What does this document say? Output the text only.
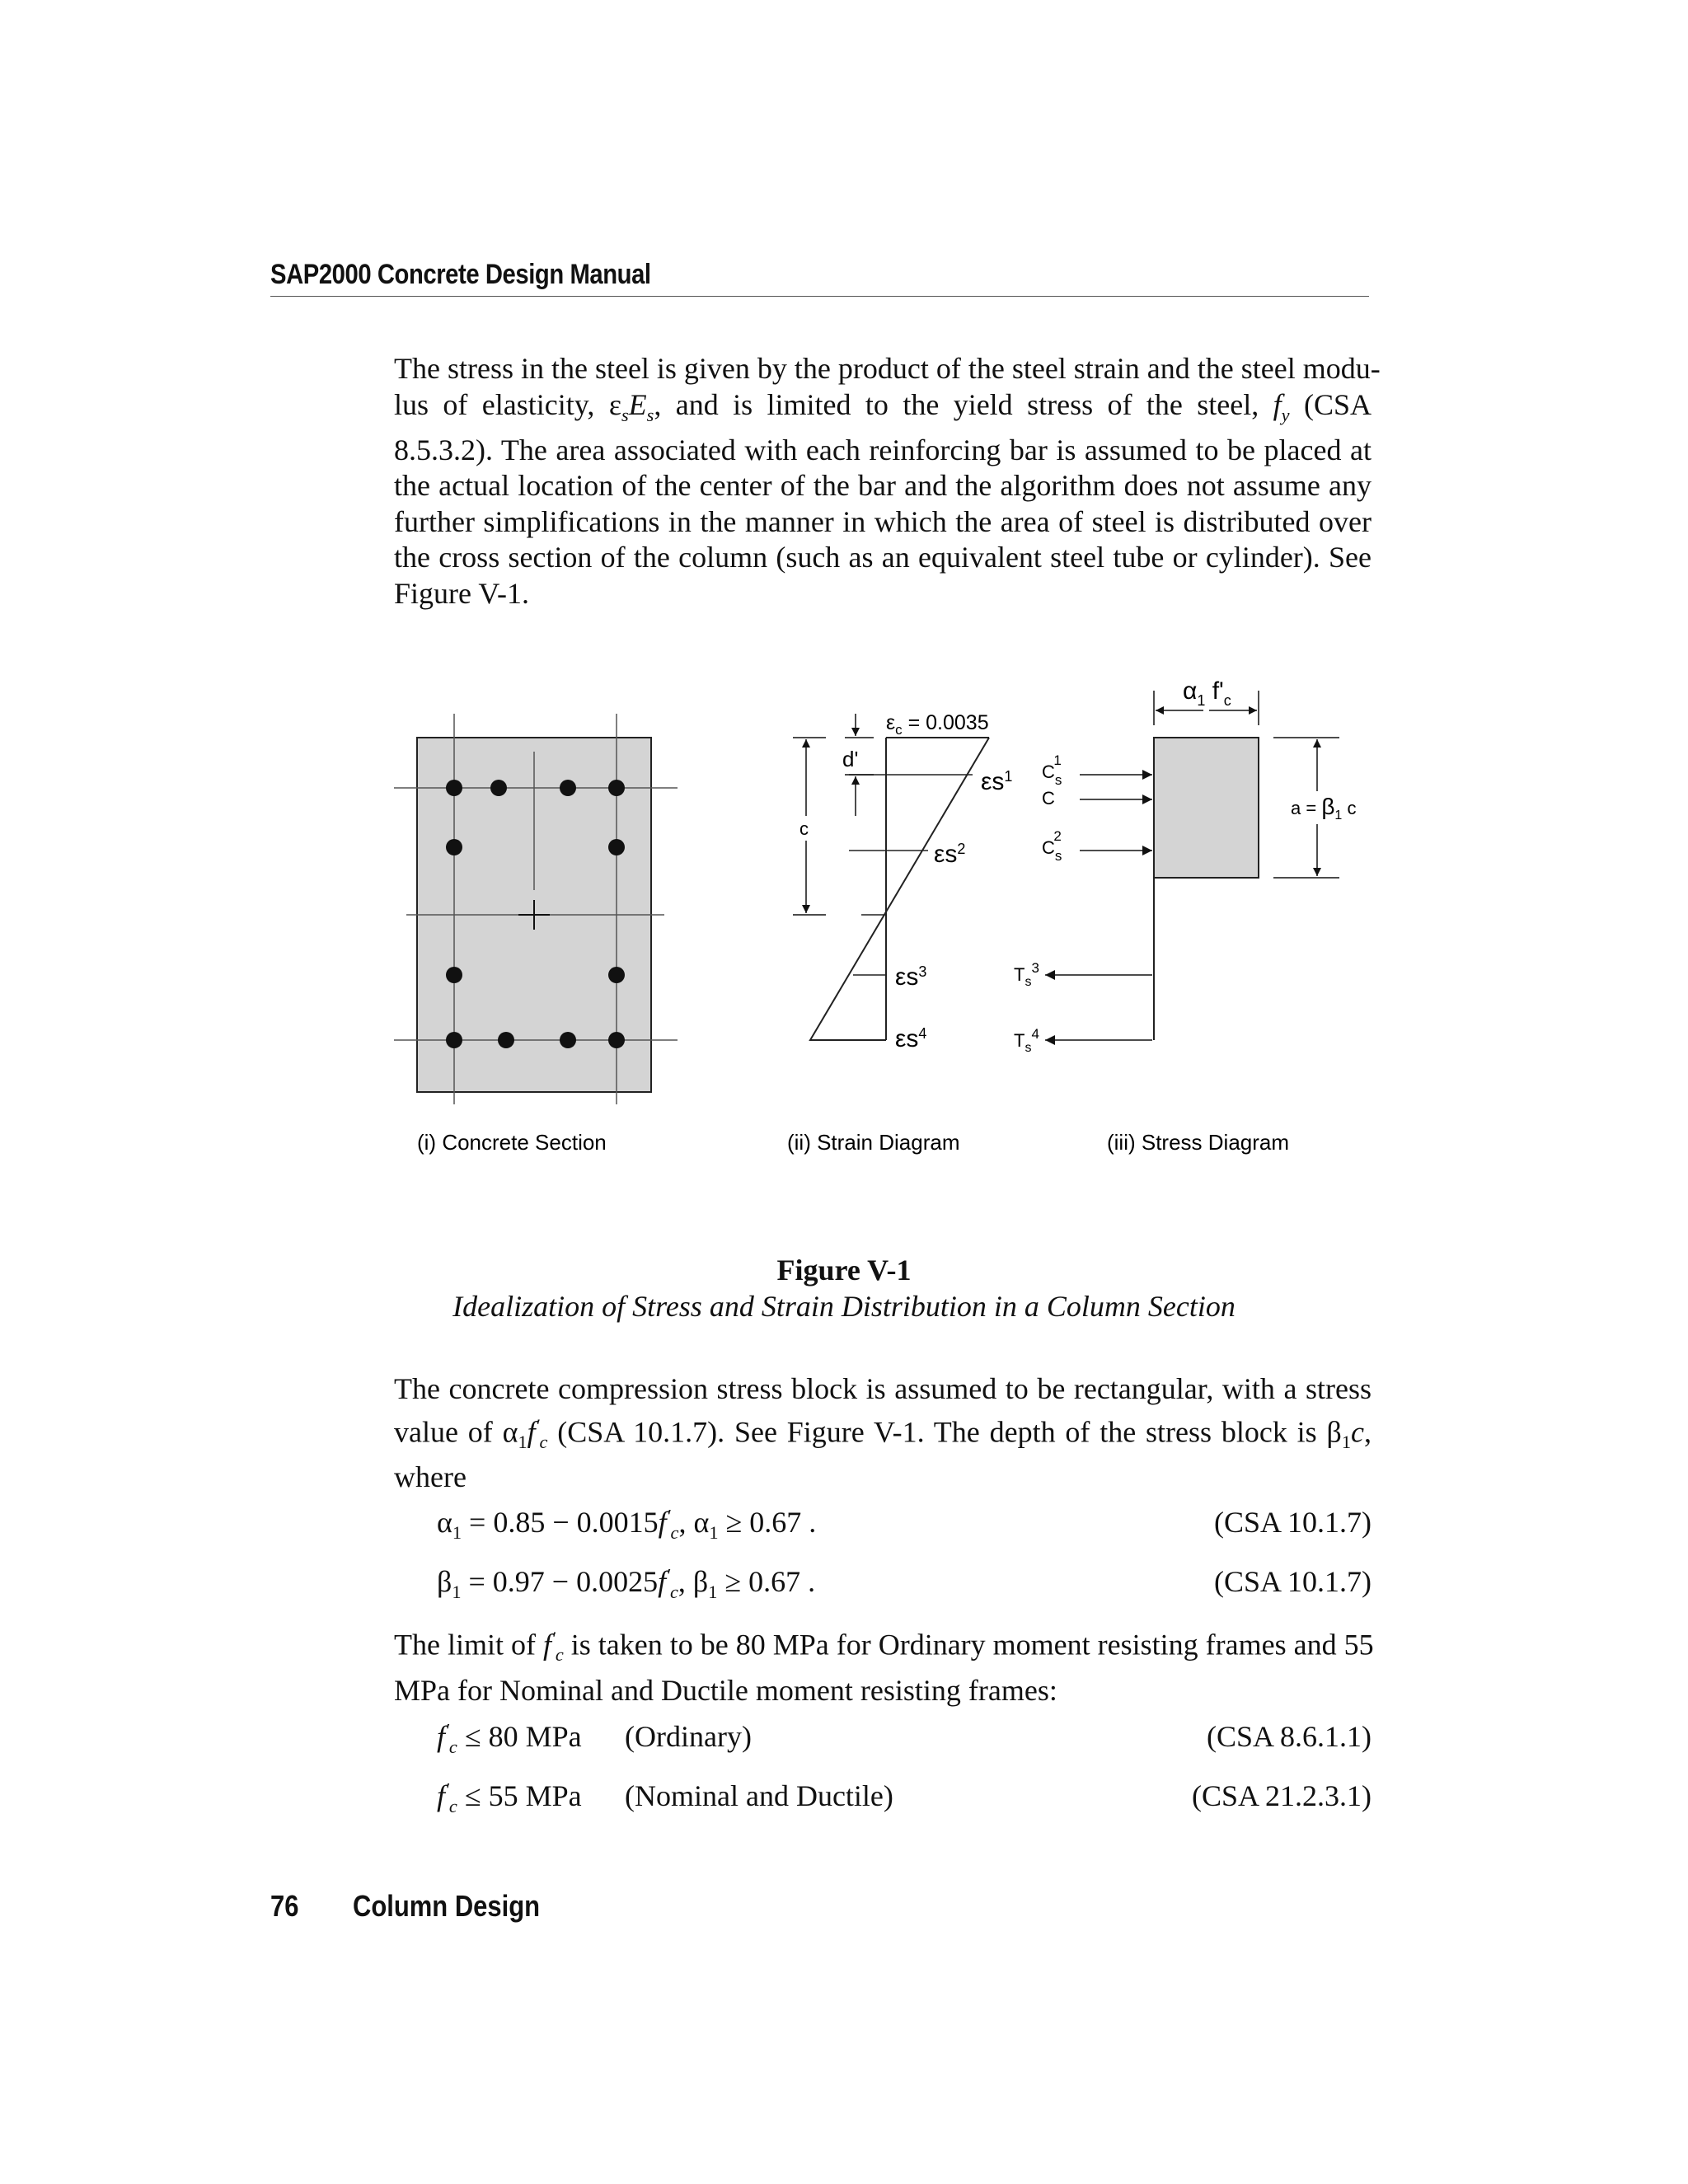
SAP2000 Concrete Design Manual
The stress in the steel is given by the product of the steel strain and the steel modu-
lus of elasticity, $\varepsilon_sE_s$, and is limited to the yield stress of the steel, $f_y$ (CSA
8.5.3.2). The area associated with each reinforcing bar is assumed to be placed at
the actual location of the center of the bar and the algorithm does not assume any
further simplifications in the manner in which the area of steel is distributed over
the cross section of the column (such as an equivalent steel tube or cylinder). See
Figure V-1.
(i) Concrete Section
$\varepsilon_c = 0.0035$
d'
c
$\varepsilon s^1$
$\varepsilon s^2$
$\varepsilon s^3$
$\varepsilon s^4$
(ii) Strain Diagram
$\alpha_1$ $f'_c$
$a = \beta_1$ c
$C_s1$
C
$C_s2$
$T_s^3$
$T_s^4$
(iii) Stress Diagram
Figure V-1
Idealization of Stress and Strain Distribution in a Column Section
The concrete compression stress block is assumed to be rectangular, with a stress
value of $\alpha_1f'_c$ (CSA 10.1.7). See Figure V-1. The depth of the stress block is $\beta_1c$,
where
$\alpha_1 = 0.85 - 0.0015f'_c$, $\alpha_1 \ge 0.67$ .	(CSA 10.1.7)
$\beta_1 = 0.97 - 0.0025f'_c$, $\beta_1 \ge 0.67$ .	(CSA 10.1.7)
The limit of $f'_c$ is taken to be 80 MPa for Ordinary moment resisting frames and 55
MPa for Nominal and Ductile moment resisting frames:
$f'_c \le 80$ MPa (Ordinary)	(CSA 8.6.1.1)
$f'_c \le 55$ MPa (Nominal and Ductile)	(CSA 21.2.3.1)
76 Column Design
